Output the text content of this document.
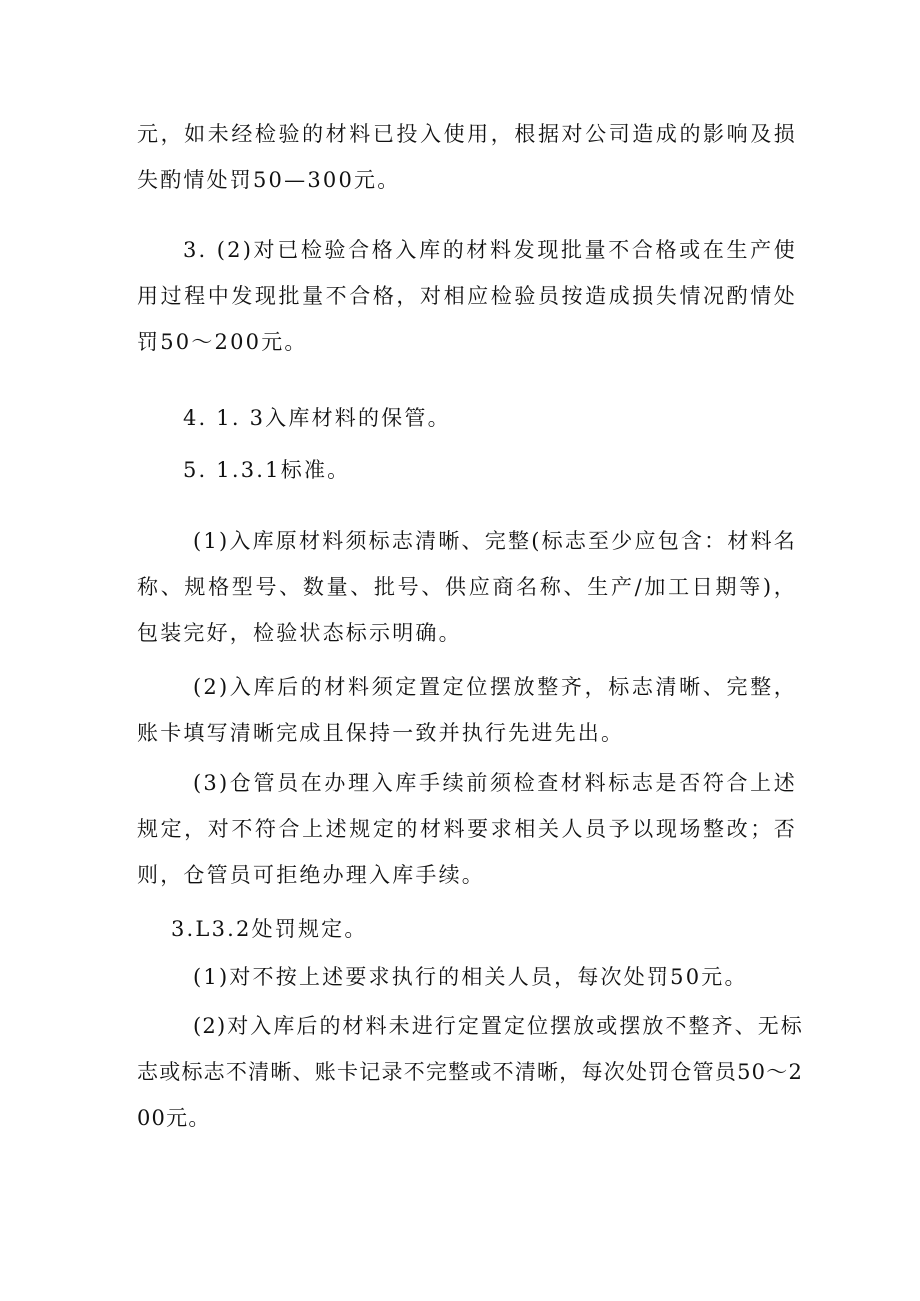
元，如未经检验的材料已投入使用，根据对公司造成的影响及损失酌情处罚50—300元。
3. (2)对已检验合格入库的材料发现批量不合格或在生产使用过程中发现批量不合格，对相应检验员按造成损失情况酌情处罚50～200元。
4. 1. 3入库材料的保管。
5. 1.3.1标准。
(1)入库原材料须标志清晰、完整(标志至少应包含：材料名称、规格型号、数量、批号、供应商名称、生产/加工日期等)，包装完好，检验状态标示明确。
(2)入库后的材料须定置定位摆放整齐，标志清晰、完整，账卡填写清晰完成且保持一致并执行先进先出。
(3)仓管员在办理入库手续前须检查材料标志是否符合上述规定，对不符合上述规定的材料要求相关人员予以现场整改；否则，仓管员可拒绝办理入库手续。
3.L3.2处罚规定。
(1)对不按上述要求执行的相关人员，每次处罚50元。
(2)对入库后的材料未进行定置定位摆放或摆放不整齐、无标志或标志不清晰、账卡记录不完整或不清晰，每次处罚仓管员50～200元。
